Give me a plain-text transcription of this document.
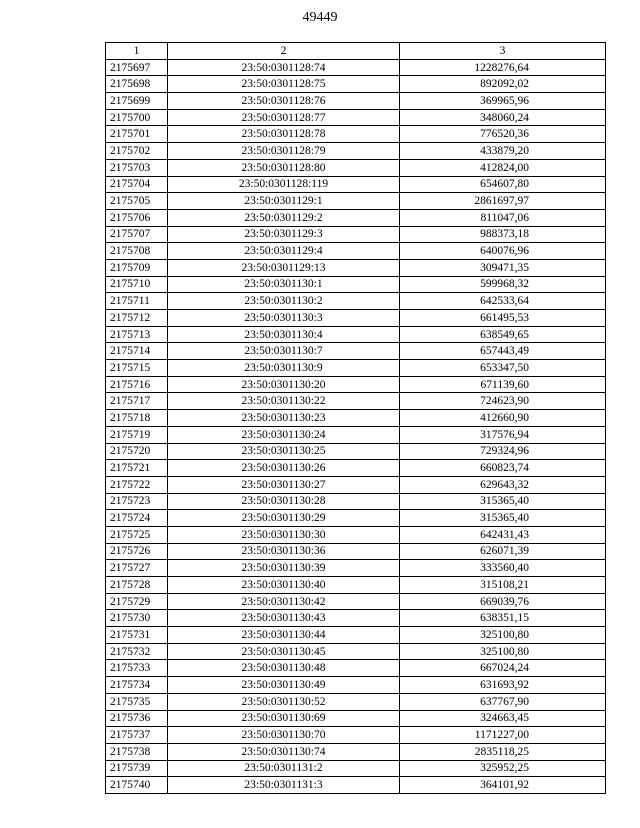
49449
1	2	3
2175697	23:50:0301128:74	1228276,64
2175698	23:50:0301128:75	892092,02
2175699	23:50:0301128:76	369965,96
2175700	23:50:0301128:77	348060,24
2175701	23:50:0301128:78	776520,36
2175702	23:50:0301128:79	433879,20
2175703	23:50:0301128:80	412824,00
2175704	23:50:0301128:119	654607,80
2175705	23:50:0301129:1	2861697,97
2175706	23:50:0301129:2	811047,06
2175707	23:50:0301129:3	988373,18
2175708	23:50:0301129:4	640076,96
2175709	23:50:0301129:13	309471,35
2175710	23:50:0301130:1	599968,32
2175711	23:50:0301130:2	642533,64
2175712	23:50:0301130:3	661495,53
2175713	23:50:0301130:4	638549,65
2175714	23:50:0301130:7	657443,49
2175715	23:50:0301130:9	653347,50
2175716	23:50:0301130:20	671139,60
2175717	23:50:0301130:22	724623,90
2175718	23:50:0301130:23	412660,90
2175719	23:50:0301130:24	317576,94
2175720	23:50:0301130:25	729324,96
2175721	23:50:0301130:26	660823,74
2175722	23:50:0301130:27	629643,32
2175723	23:50:0301130:28	315365,40
2175724	23:50:0301130:29	315365,40
2175725	23:50:0301130:30	642431,43
2175726	23:50:0301130:36	626071,39
2175727	23:50:0301130:39	333560,40
2175728	23:50:0301130:40	315108,21
2175729	23:50:0301130:42	669039,76
2175730	23:50:0301130:43	638351,15
2175731	23:50:0301130:44	325100,80
2175732	23:50:0301130:45	325100,80
2175733	23:50:0301130:48	667024,24
2175734	23:50:0301130:49	631693,92
2175735	23:50:0301130:52	637767,90
2175736	23:50:0301130:69	324663,45
2175737	23:50:0301130:70	1171227,00
2175738	23:50:0301130:74	2835118,25
2175739	23:50:0301131:2	325952,25
2175740	23:50:0301131:3	364101,92
